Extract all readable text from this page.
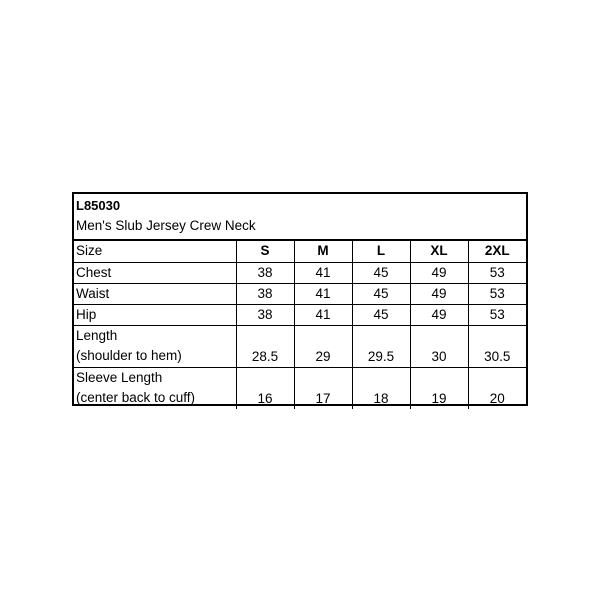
L85030
Men's Slub Jersey Crew Neck
Size	S	M	L	XL	2XL
Chest	38	41	45	49	53
Waist	38	41	45	49	53
Hip	38	41	45	49	53

Length
(shoulder to hem)	28.5	29	29.5	30	30.5

Sleeve Length
(center back to cuff)	16	17	18	19	20
